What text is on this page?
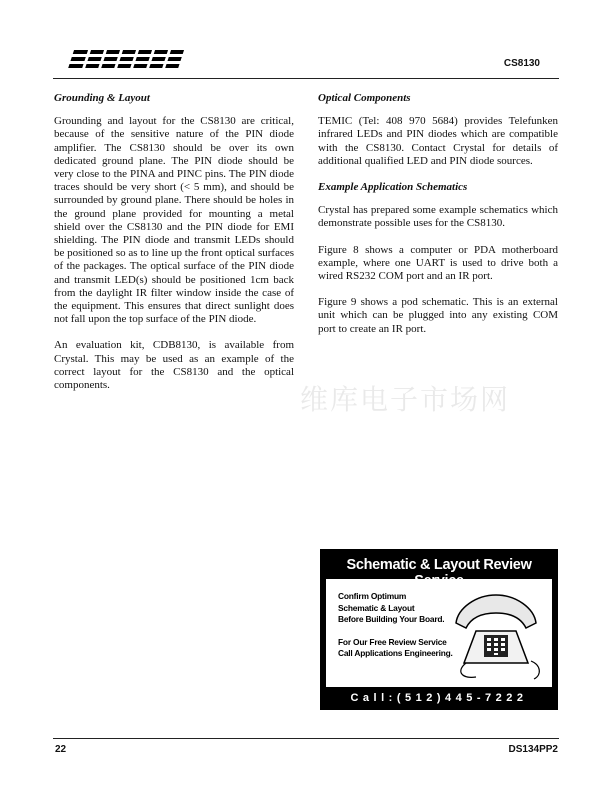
CS8130
Grounding & Layout

Grounding and layout for the CS8130 are critical, because of the sensitive nature of the PIN diode amplifier. The CS8130 should be over its own dedicated ground plane. The PIN diode should be very close to the PINA and PINC pins. The PIN diode traces should be very short (< 5 mm), and should be surrounded by ground plane. There should be holes in the ground plane provided for mounting a metal shield over the CS8130 and the PIN diode for EMI shielding. The PIN diode and transmit LEDs should be positioned so as to line up the front optical surfaces of the packages. The optical surface of the PIN diode and transmit LED(s) should be positioned 1cm back from the daylight IR filter window inside the case of the equipment. This ensures that direct sunlight does not fall upon the top surface of the PIN diode.

An evaluation kit, CDB8130, is available from Crystal. This may be used as an example of the correct layout for the CS8130 and the optical components.

Optical Components

TEMIC (Tel: 408 970 5684) provides Telefunken infrared LEDs and PIN diodes which are compatible with the CS8130. Contact Crystal for details of additional qualified LED and PIN diode sources.

Example Application Schematics

Crystal has prepared some example schematics which demonstrate possible uses for the CS8130.

Figure 8 shows a computer or PDA motherboard example, where one UART is used to drive both a wired RS232 COM port and an IR port.

Figure 9 shows a pod schematic. This is an external unit which can be plugged into any existing COM port to create an IR port.

维库电子市场网
Schematic & Layout Review
Confirm Optimum
Schematic & Layout
Before Building Your Board.
For Our Free Review Service
Call Applications Engineering.
Call:(512)445-7222
22	DS134PP2
